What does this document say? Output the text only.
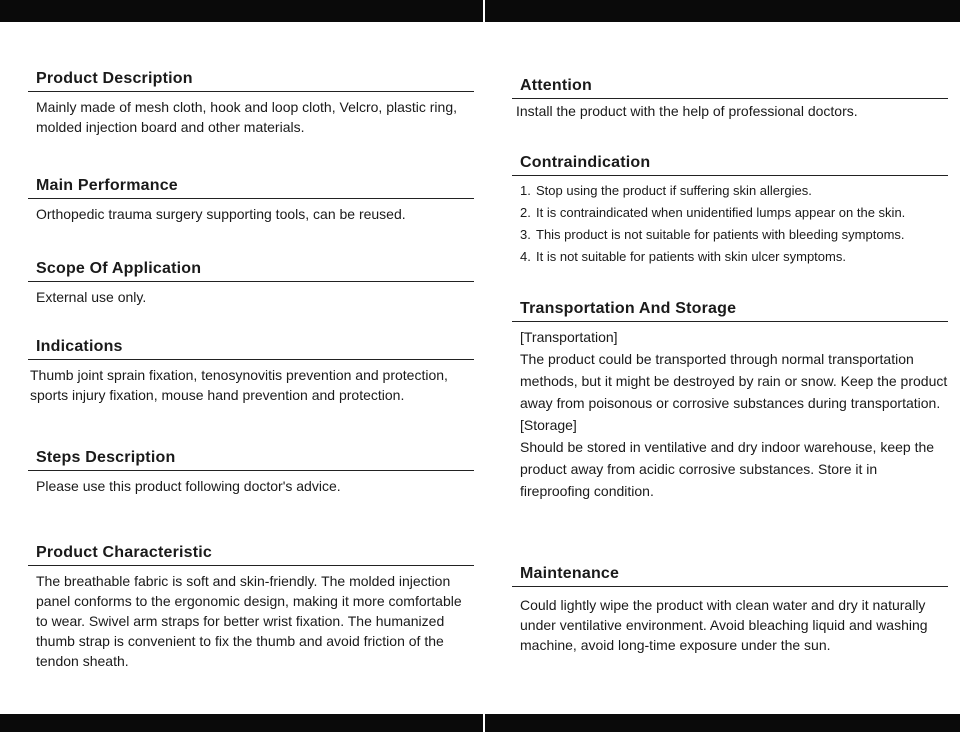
Product Description
Mainly made of mesh cloth, hook and loop cloth, Velcro, plastic ring, molded injection board and other materials.
Main Performance
Orthopedic trauma surgery supporting tools, can be reused.
Scope Of Application
External use only.
Indications
Thumb joint sprain fixation, tenosynovitis prevention and protection, sports injury fixation, mouse hand prevention and protection.
Steps Description
Please use this product following doctor's advice.
Product Characteristic
The breathable fabric is soft and skin-friendly. The molded injection panel conforms to the ergonomic design, making it more comfortable to wear. Swivel arm straps for better wrist fixation. The humanized thumb strap is convenient to fix the thumb and avoid friction of the tendon sheath.
Attention
Install the product with the help of professional doctors.
Contraindication
1. Stop using the product if suffering skin allergies.
2. It is contraindicated when unidentified lumps appear on the skin.
3. This product is not suitable for patients with bleeding symptoms.
4. It is not suitable for patients with skin ulcer symptoms.
Transportation And Storage

[Transportation]

The product could be transported through normal transportation methods, but it might be destroyed by rain or snow. Keep the product away from poisonous or corrosive substances during transportation.

[Storage]

Should be stored in ventilative and dry indoor warehouse, keep the product away from acidic corrosive substances. Store it in fireproofing condition.

Maintenance
Could lightly wipe the product with clean water and dry it naturally under ventilative environment. Avoid bleaching liquid and washing machine, avoid long-time exposure under the sun.
